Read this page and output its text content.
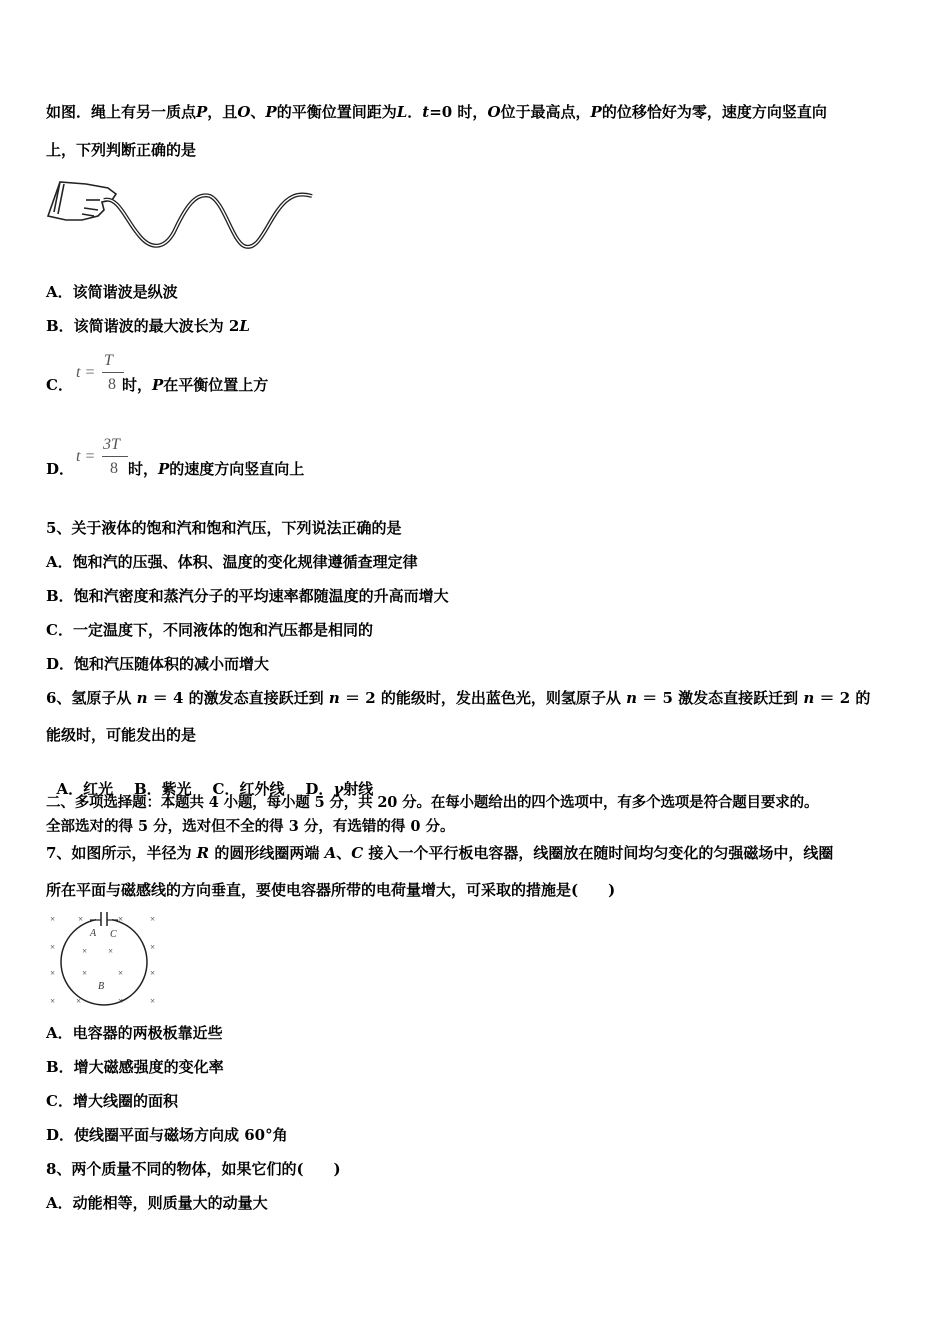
如图．绳上有另一质点P，且O、P的平衡位置间距为L．t=0 时，O位于最高点，P的位移恰好为零，速度方向竖直向
上，下列判断正确的是
A．该简谐波是纵波
B．该简谐波的最大波长为 2L
C．
t =
T
8 时，P在平衡位置上方
D．
t =
3T
8 时，P的速度方向竖直向上
5、关于液体的饱和汽和饱和汽压，下列说法正确的是
A．饱和汽的压强、体积、温度的变化规律遵循查理定律
B．饱和汽密度和蒸汽分子的平均速率都随温度的升高而增大
C．一定温度下，不同液体的饱和汽压都是相同的
D．饱和汽压随体积的减小而增大
6、氢原子从 n ＝ 4 的激发态直接跃迁到 n ＝ 2 的能级时，发出蓝色光，则氢原子从 n ＝ 5 激发态直接跃迁到 n ＝ 2 的
能级时，可能发出的是

A．红光    B．紫光    C．红外线    D．γ射线

二、多项选择题：本题共 4 小题，每小题 5 分，共 20 分。在每小题给出的四个选项中，有多个选项是符合题目要求的。
全部选对的得 5 分，选对但不全的得 3 分，有选错的得 0 分。
7、如图所示，半径为 R 的圆形线圈两端 A、C 接入一个平行板电容器，线圈放在随时间均匀变化的匀强磁场中，线圈
所在平面与磁感线的方向垂直，要使电容器所带的电荷量增大，可采取的措施是(　　)
A C
B
×	×	×	×
×	×
×	×	×	×
× ×
× ×	×	×
A．电容器的两极板靠近些
B．增大磁感强度的变化率
C．增大线圈的面积
D．使线圈平面与磁场方向成 60°角
8、两个质量不同的物体，如果它们的(　　)
A．动能相等，则质量大的动量大
